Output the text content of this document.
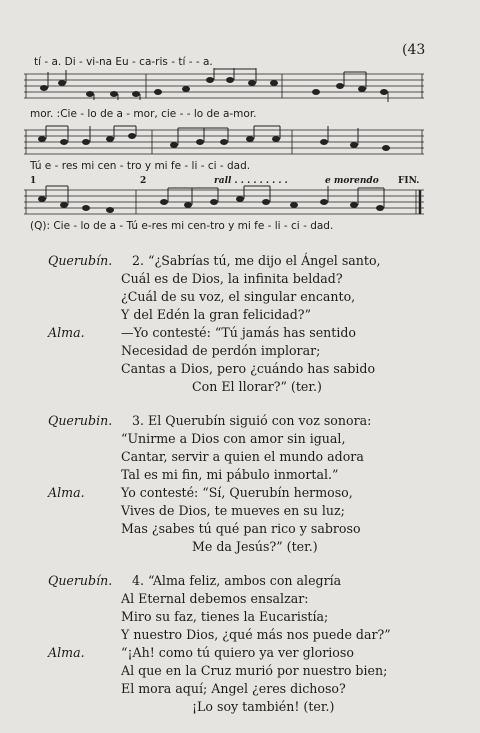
(43
tí - a. Di - vi-na Eu - ca-ris - tí - - a.
mor. :Cie - lo de a - mor, cie - - lo de a-mor.
Tú e - res mi cen - tro y mi fe - li - ci - dad.
rall . . . . . . . . .	e morendo FIN.
1	2
(Q): Cie - lo de a - Tú e-res mi cen-tro y mi fe - li - ci - dad.
Querubín. 2. “¿Sabrías tú, me dijo el Ángel santo,
Cuál es de Dios, la infinita beldad?
¿Cuál de su voz, el singular encanto,
Y del Edén la gran felicidad?”
Alma.	—Yo contesté: “Tú jamás has sentido
Necesidad de perdón implorar;
Cantas a Dios, pero ¿cuándo has sabido
Con El llorar?” (ter.)
Querubin. 3. El Querubín siguió con voz sonora:
“Unirme a Dios con amor sin igual,
Cantar, servir a quien el mundo adora
Tal es mi fin, mi pábulo inmortal.”
Alma.	Yo contesté: “Sí, Querubín hermoso,
Vives de Dios, te mueves en su luz;
Mas ¿sabes tú qué pan rico y sabroso
Me da Jesús?” (ter.)
Querubín. 4. “Alma feliz, ambos con alegría
Al Eternal debemos ensalzar:
Miro su faz, tienes la Eucaristía;
Y nuestro Dios, ¿qué más nos puede dar?”
Alma.	“¡Ah! como tú quiero ya ver glorioso
Al que en la Cruz murió por nuestro bien;
El mora aquí; Angel ¿eres dichoso?
¡Lo soy también! (ter.)
